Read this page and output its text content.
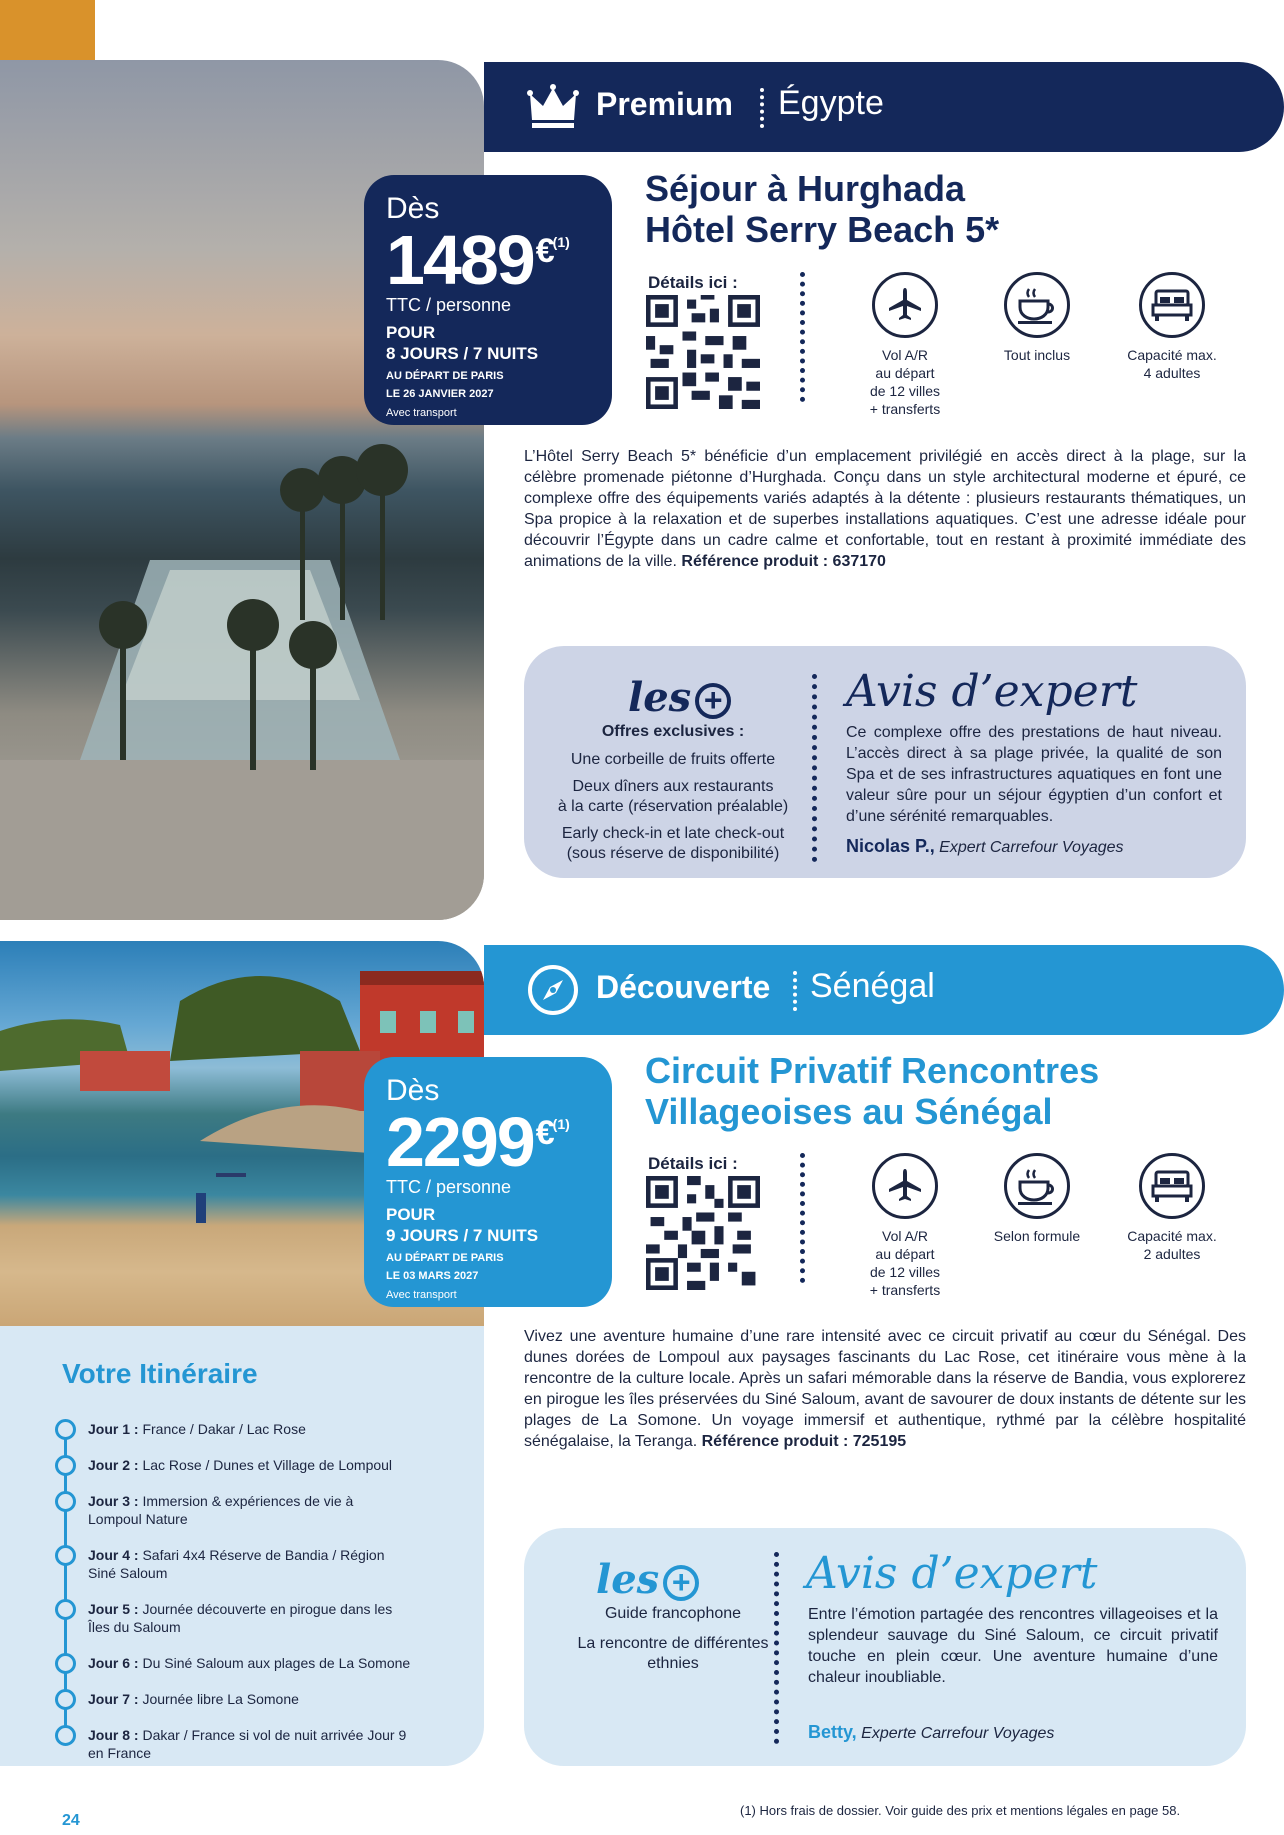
Premium Égypte
Dès
1489 € (1)
TTC / personne
POUR
8 JOURS / 7 NUITS
AU DÉPART DE PARIS
LE 26 JANVIER 2027
Avec transport
Séjour à Hurghada
Hôtel Serry Beach 5*
Détails ici :
Vol A/R
au départ
de 12 villes
+ transferts
Tout inclus	Capacité max.
4 adultes
L’Hôtel Serry Beach 5* bénéficie d’un emplacement privilégié en accès direct à la plage, sur la célèbre promenade piétonne d’Hurghada. Conçu dans un style architectural moderne et épuré, ce complexe offre des équipements variés adaptés à la détente : plusieurs restaurants thématiques, un Spa propice à la relaxation et de superbes installations aquatiques. C’est une adresse idéale pour découvrir l’Égypte dans un cadre calme et confortable, tout en restant à proximité immédiate des animations de la ville. Référence produit : 637170
les +
Offres exclusives :
Une corbeille de fruits offerte
Deux dîners aux restaurants
à la carte (réservation préalable)
Early check-in et late check-out
(sous réserve de disponibilité)
Avis d’expert
Ce complexe offre des prestations de haut niveau. L’accès direct à sa plage privée, la qualité de son Spa et de ses infrastructures aquatiques en font une valeur sûre pour un séjour égyptien d’un confort et d’une sérénité remarquables.
Nicolas P., Expert Carrefour Voyages
Découverte Sénégal
Dès
2299 € (1)
TTC / personne
POUR
9 JOURS / 7 NUITS
AU DÉPART DE PARIS
LE 03 MARS 2027
Avec transport
Circuit Privatif Rencontres
Villageoises au Sénégal
Détails ici :
Vol A/R
au départ
de 12 villes
+ transferts
Selon formule	Capacité max.
2 adultes
Vivez une aventure humaine d’une rare intensité avec ce circuit privatif au cœur du Sénégal. Des dunes dorées de Lompoul aux paysages fascinants du Lac Rose, cet itinéraire vous mène à la rencontre de la culture locale. Après un safari mémorable dans la réserve de Bandia, vous explorerez en pirogue les îles préservées du Siné Saloum, avant de savourer de doux instants de détente sur les plages de La Somone. Un voyage immersif et authentique, rythmé par la célèbre hospitalité sénégalaise, la Teranga. Référence produit : 725195
les +
Guide francophone
La rencontre de différentes
ethnies
Avis d’expert
Entre l’émotion partagée des rencontres villageoises et la splendeur sauvage du Siné Saloum, ce circuit privatif touche en plein cœur. Une aventure humaine d’une chaleur inoubliable.
Betty, Experte Carrefour Voyages
Votre Itinéraire
Jour 1 : France / Dakar / Lac Rose
Jour 2 : Lac Rose / Dunes et Village de Lompoul
Jour 3 : Immersion & expériences de vie à Lompoul Nature
Jour 4 : Safari 4x4 Réserve de Bandia / Région Siné Saloum
Jour 5 : Journée découverte en pirogue dans les Îles du Saloum
Jour 6 : Du Siné Saloum aux plages de La Somone
Jour 7 : Journée libre La Somone
Jour 8 : Dakar / France si vol de nuit arrivée Jour 9 en France
(1) Hors frais de dossier. Voir guide des prix et mentions légales en page 58.
24
